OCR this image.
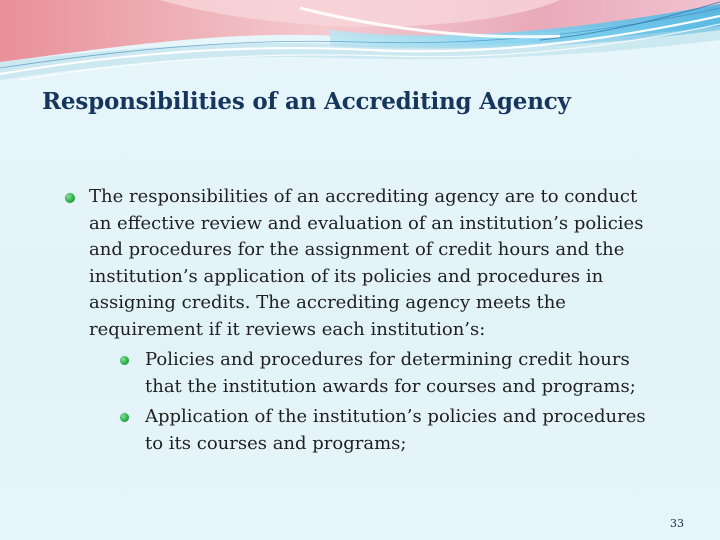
Responsibilities of an Accrediting Agency
The responsibilities of an accrediting agency are to conduct an effective review and evaluation of an institution’s policies and procedures for the assignment of credit hours and the institution’s application of its policies and procedures in assigning credits. The accrediting agency meets the requirement if it reviews each institution’s:
Policies and procedures for determining credit hours that the institution awards for courses and programs;
Application of the institution’s policies and procedures to its courses and programs;
33
